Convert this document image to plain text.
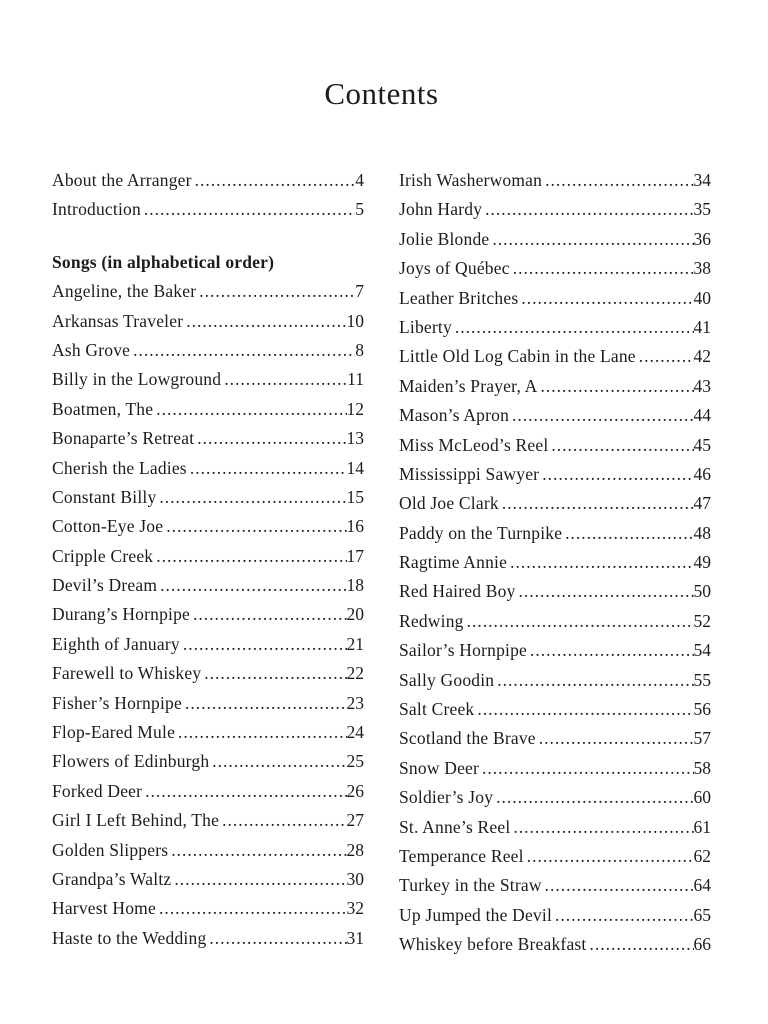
Contents
About the Arranger .....	4
Introduction .....	5
Songs (in alphabetical order)
Angeline, the Baker .....	7
Arkansas Traveler .....	10
Ash Grove .....	8
Billy in the Lowground .....	11
Boatmen, The .....	12
Bonaparte’s Retreat .....	13
Cherish the Ladies .....	14
Constant Billy .....	15
Cotton-Eye Joe .....	16
Cripple Creek .....	17
Devil’s Dream .....	18
Durang’s Hornpipe .....	20
Eighth of January .....	21
Farewell to Whiskey .....	22
Fisher’s Hornpipe .....	23
Flop-Eared Mule .....	24
Flowers of Edinburgh .....	25
Forked Deer .....	26
Girl I Left Behind, The .....	27
Golden Slippers .....	28
Grandpa’s Waltz .....	30
Harvest Home .....	32
Haste to the Wedding .....	31
Irish Washerwoman .....	34
John Hardy .....	35
Jolie Blonde .....	36
Joys of Québec .....	38
Leather Britches .....	40
Liberty .....	41
Little Old Log Cabin in the Lane .....	42
Maiden’s Prayer, A .....	43
Mason’s Apron .....	44
Miss McLeod’s Reel .....	45
Mississippi Sawyer .....	46
Old Joe Clark .....	47
Paddy on the Turnpike .....	48
Ragtime Annie .....	49
Red Haired Boy .....	50
Redwing .....	52
Sailor’s Hornpipe .....	54
Sally Goodin .....	55
Salt Creek .....	56
Scotland the Brave .....	57
Snow Deer .....	58
Soldier’s Joy .....	60
St. Anne’s Reel .....	61
Temperance Reel .....	62
Turkey in the Straw .....	64
Up Jumped the Devil .....	65
Whiskey before Breakfast .....	66
